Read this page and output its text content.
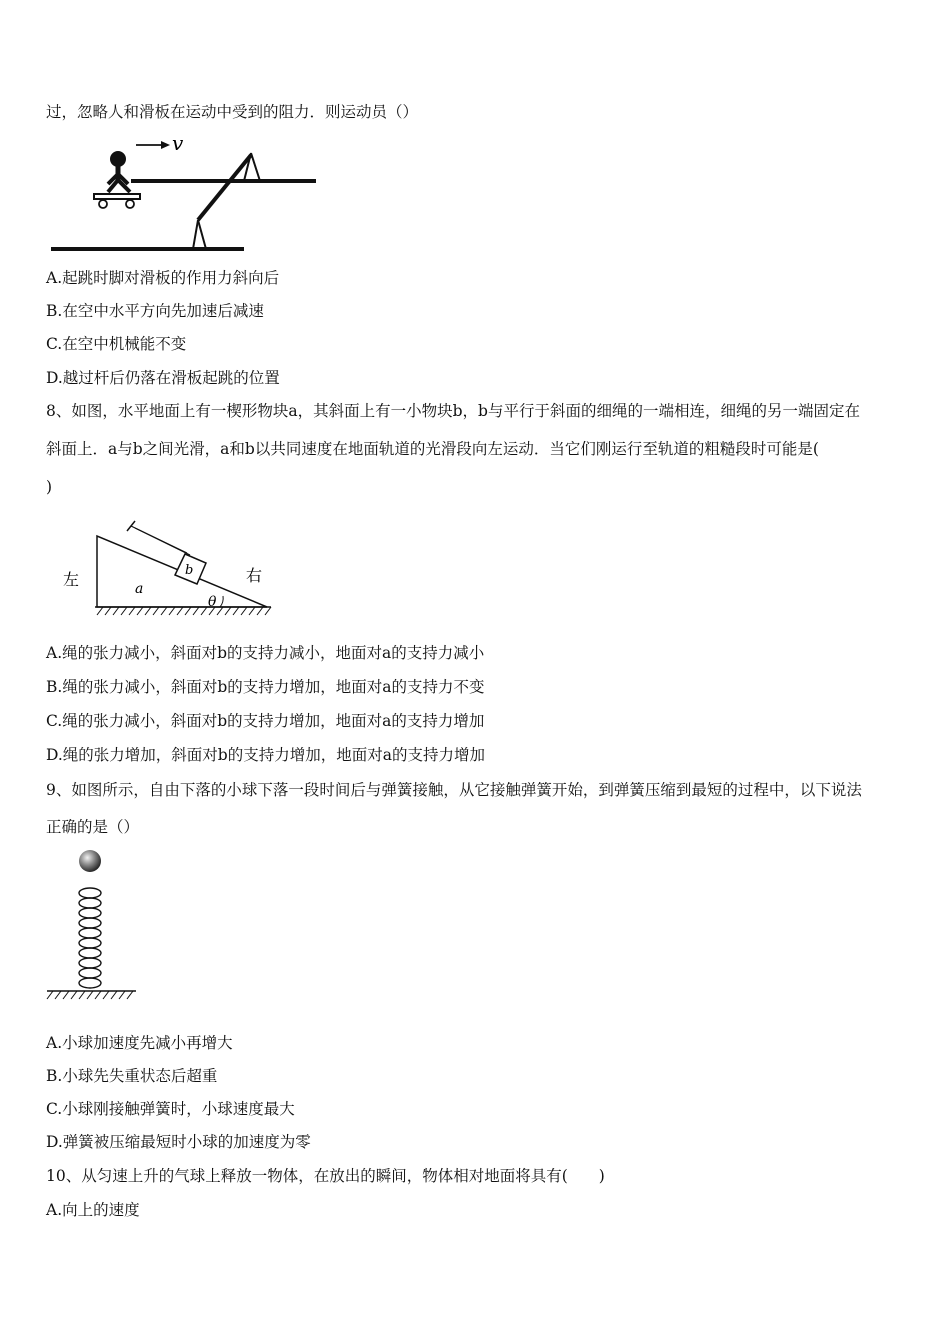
过，忽略人和滑板在运动中受到的阻力．则运动员（）
v
A.起跳时脚对滑板的作用力斜向后
B.在空中水平方向先加速后减速
C.在空中机械能不变
D.越过杆后仍落在滑板起跳的位置
8、如图，水平地面上有一楔形物块a，其斜面上有一小物块b，b与平行于斜面的细绳的一端相连，细绳的另一端固定在
斜面上．a与b之间光滑，a和b以共同速度在地面轨道的光滑段向左运动．当它们刚运行至轨道的粗糙段时可能是(
)
b
a
θ
左	右
A.绳的张力减小，斜面对b的支持力减小，地面对a的支持力减小
B.绳的张力减小，斜面对b的支持力增加，地面对a的支持力不变
C.绳的张力减小，斜面对b的支持力增加，地面对a的支持力增加
D.绳的张力增加，斜面对b的支持力增加，地面对a的支持力增加
9、如图所示，自由下落的小球下落一段时间后与弹簧接触，从它接触弹簧开始，到弹簧压缩到最短的过程中，以下说法
正确的是（）
A.小球加速度先减小再增大
B.小球先失重状态后超重
C.小球刚接触弹簧时，小球速度最大
D.弹簧被压缩最短时小球的加速度为零
10、从匀速上升的气球上释放一物体，在放出的瞬间，物体相对地面将具有(　　)
A.向上的速度
